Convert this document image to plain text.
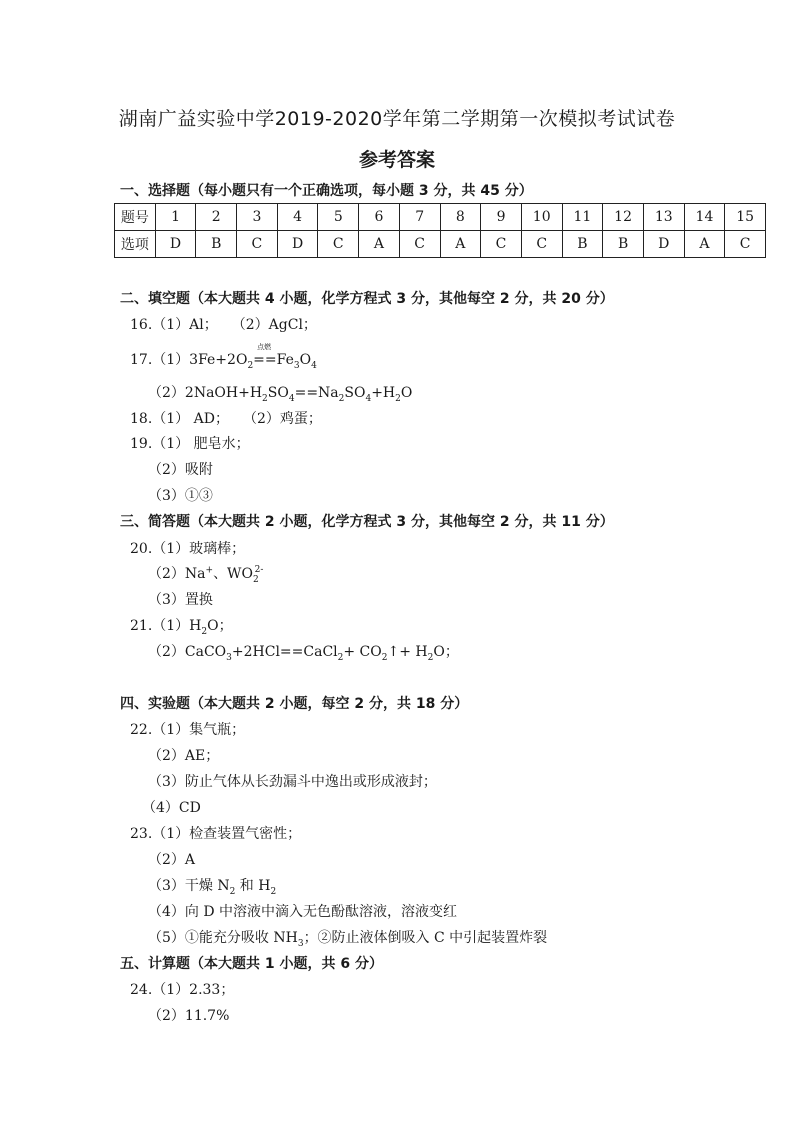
湖南广益实验中学2019-2020学年第二学期第一次模拟考试试卷
参考答案
一、选择题（每小题只有一个正确选项，每小题 3 分，共 45 分）
题号	1	2	3	4	5	6	7	8	9	10	11	12	13	14	15
选项	D	B	C	D	C	A	C	A	C	C	B	B	D	A	C
二、填空题（本大题共 4 小题，化学方程式 3 分，其他每空 2 分，共 20 分）
16.（1）Al；　　（2）AgCl；
$17.(1)3Fe+2O_2$
点燃
$==Fe_3O_4$
$(2)2NaOH+H_2SO_4==Na_2SO_4+H_2O$
18.（1） AD；　　（2）鸡蛋；
19.（1） 肥皂水；
（2）吸附
（3）①③
三、简答题（本大题共 2 小题，化学方程式 3 分，其他每空 2 分，共 11 分）
20.（1）玻璃棒；
（2）Na+、$WO_2^{2-}$
（3）置换
$21.(1)H_2O$；
（2）CaCO$_3$+2HCl==CaCl$_2$+ $CO_2↑+ H_2O$；
四、实验题（本大题共 2 小题，每空 2 分，共 18 分）
22.（1）集气瓶；
（2）AE；
（3）防止气体从长劲漏斗中逸出或形成液封；
（4）CD
23.（1）检查装置气密性；
（2）A
（3）干燥 $N_2$ 和 $H_2$
（4）向 D 中溶液中滴入无色酚酞溶液，溶液变红
（5）①能充分吸收 $NH_3$；②防止液体倒吸入 C 中引起装置炸裂
五、计算题（本大题共 1 小题，共 6 分）
24.（1）2.33；
（2）11.7%
